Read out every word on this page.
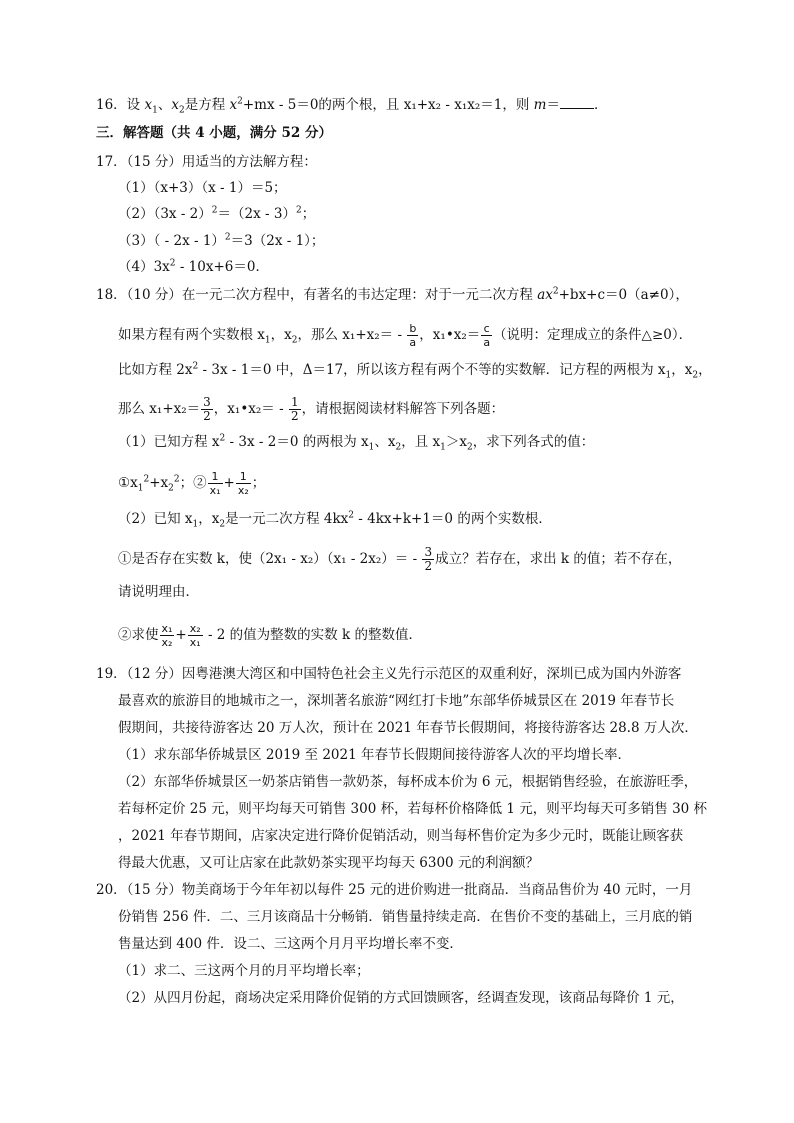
16．设 $x_1$、$x_2$是方程 $x^2+mx - 5=0$的两个根，且 x₁+x₂ - x₁x₂＝1，则 m＝	．
三．解答题（共 4 小题，满分 52 分）
17．（15 分）用适当的方法解方程：
（1）（x+3）（x - 1）＝5；
（2）（3x - 2）$^2$＝（2x - 3）$^2$；
（3）（ - 2x - 1）$^2$＝3（2x - 1）；
$(4)3x^2 - 10x+6=0$．
18．（10 分）在一元二次方程中，有著名的韦达定理：对于一元二次方程 $ax^2+bx+c=0(a\ne 0)$，
如果方程有两个实数根 $x_1$，$x_2$，那么 $x_1+x_2= - \frac{b}{a}$ ，x₁•x₂＝ $\frac{c}{a}$ （说明：定理成立的条件△≥0）．
比如方程 $2x^2 - 3x - 1=0$ 中，Δ＝17，所以该方程有两个不等的实数解．记方程的两根为 $x_1$，$x_2$，
那么 $x_1+x_2= \frac{3}{2}$ ，x₁•x₂＝ - $\frac{1}{2}$ ，请根据阅读材料解答下列各题：
（1）已知方程 $x^2 - 3x - 2=0$ 的两根为 $x_1$、$x_2$，且 $x_1>x_2$，求下列各式的值：
$①x_1^2+x_2^2$；② $\frac{1}{\text{x₁}} + \frac{1}{\text{x₂}}$ ；
（2）已知 $x_1$，$x_2$是一元二次方程 $4kx^2 - 4kx+k+1=0$ 的两个实数根．
①是否存在实数 k，使$(2x_1 - x_2)(x_1 - 2x_2)= - \frac{3}{2}$ 成立？若存在，求出 k 的值；若不存在，
请说明理由．
②求使 $\frac{\text{x₁}}{\text{x₂}} + \frac{\text{x₂}}{\text{x₁}} - 2$ 的值为整数的实数 k 的整数值．
19．（12 分）因粤港澳大湾区和中国特色社会主义先行示范区的双重利好，深圳已成为国内外游客
最喜欢的旅游目的地城市之一，深圳著名旅游“网红打卡地”东部华侨城景区在 2019 年春节长
假期间，共接待游客达 20 万人次，预计在 2021 年春节长假期间，将接待游客达 28.8 万人次．
（1）求东部华侨城景区 2019 至 2021 年春节长假期间接待游客人次的平均增长率．
（2）东部华侨城景区一奶茶店销售一款奶茶，每杯成本价为 6 元，根据销售经验，在旅游旺季，
若每杯定价 25 元，则平均每天可销售 300 杯，若每杯价格降低 1 元，则平均每天可多销售 30 杯
，2021 年春节期间，店家决定进行降价促销活动，则当每杯售价定为多少元时，既能让顾客获
得最大优惠，又可让店家在此款奶茶实现平均每天 6300 元的利润额？
20．（15 分）物美商场于今年年初以每件 25 元的进价购进一批商品．当商品售价为 40 元时，一月
份销售 256 件．二、三月该商品十分畅销．销售量持续走高．在售价不变的基础上，三月底的销
售量达到 400 件．设二、三这两个月月平均增长率不变．
（1）求二、三这两个月的月平均增长率；
（2）从四月份起，商场决定采用降价促销的方式回馈顾客，经调查发现，该商品每降价 1 元，
